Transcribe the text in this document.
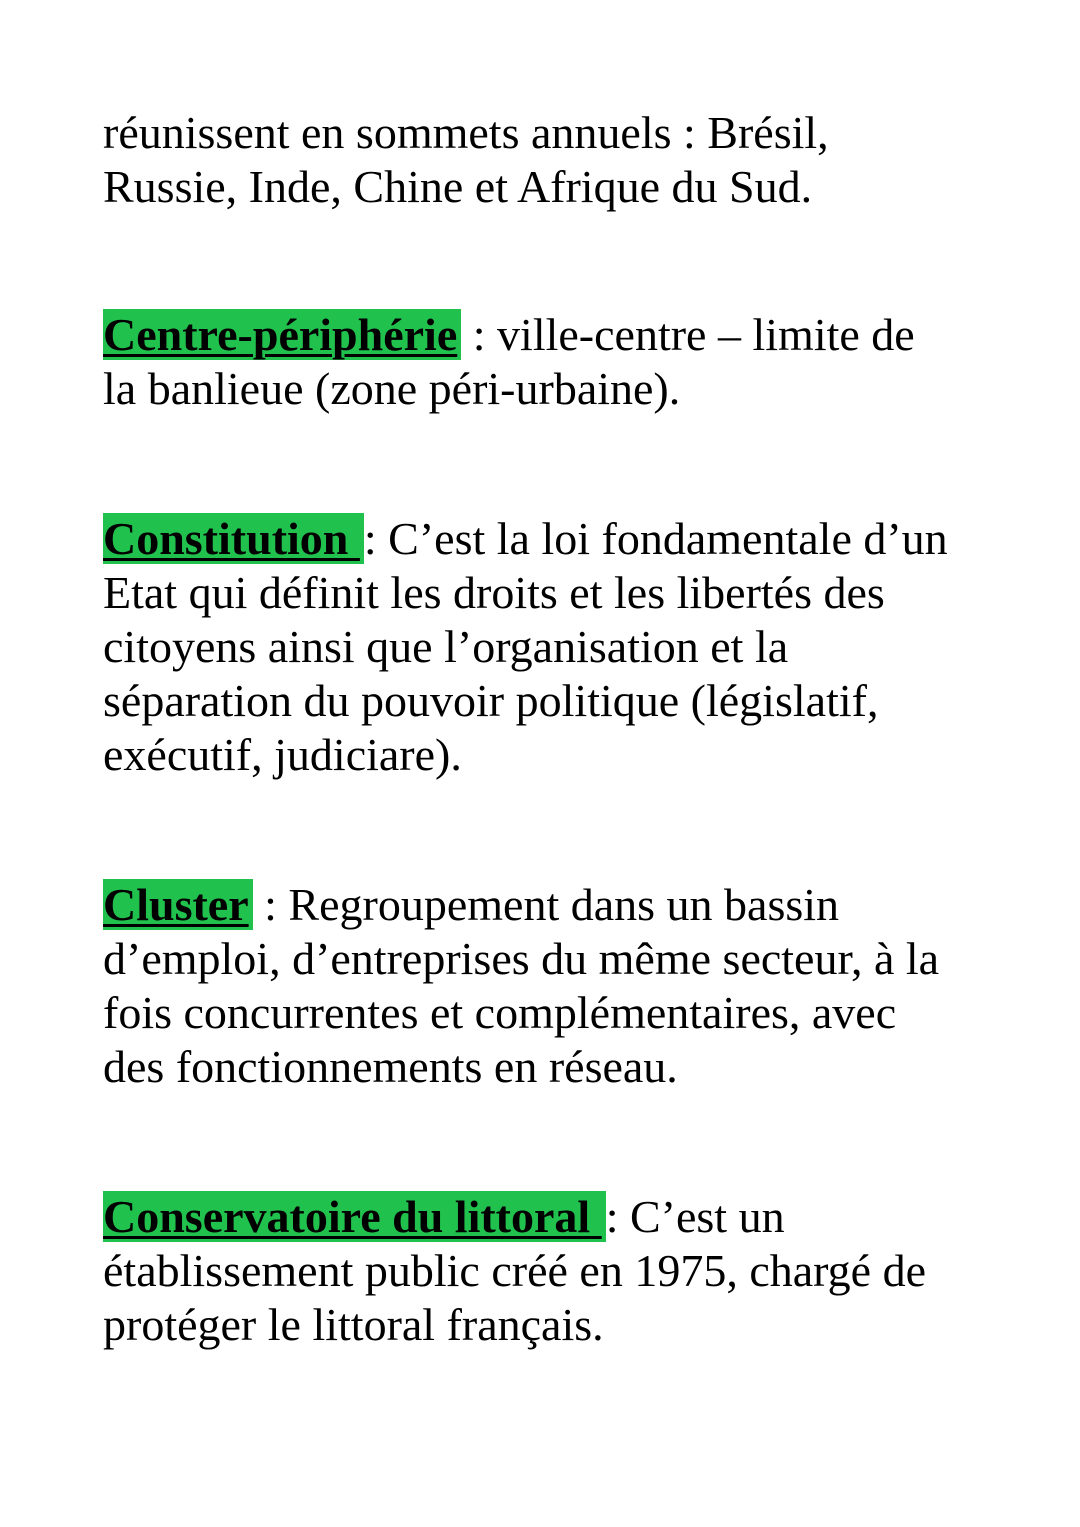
réunissent en sommets annuels : Brésil,
Russie, Inde, Chine et Afrique du Sud.

Centre-périphérie : ville-centre – limite de
la banlieue (zone péri-urbaine).

Constitution : C’est la loi fondamentale d’un
Etat qui définit les droits et les libertés des
citoyens ainsi que l’organisation et la
séparation du pouvoir politique (législatif,
exécutif, judiciare).

Cluster : Regroupement dans un bassin
d’emploi, d’entreprises du même secteur, à la
fois concurrentes et complémentaires, avec
des fonctionnements en réseau.

Conservatoire du littoral : C’est un
établissement public créé en 1975, chargé de
protéger le littoral français.
